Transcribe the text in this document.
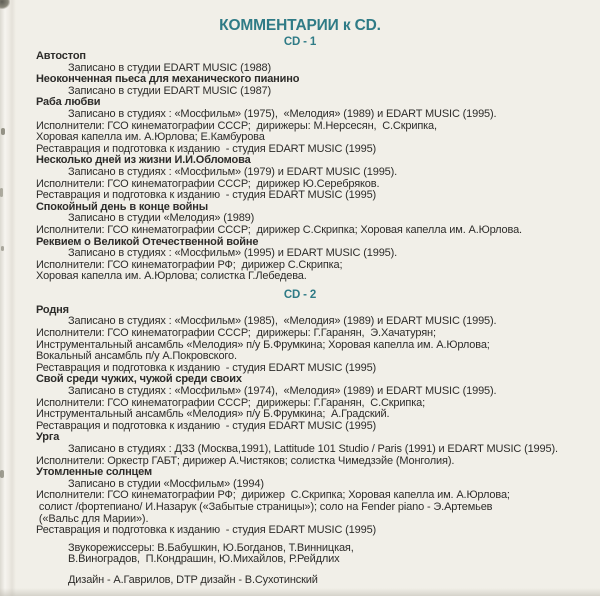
КОММЕНТАРИИ к CD.
CD - 1
Автостоп
Записано в студии EDART MUSIC (1988)
Неоконченная пьеса для механического пианино
Записано в студии EDART MUSIC (1987)
Раба любви
Записано в студиях : «Мосфильм» (1975),  «Мелодия» (1989) и EDART MUSIC (1995).
Исполнители: ГСО кинематографии СССР;  дирижеры: М.Нерсесян,  С.Скрипка,
Хоровая капелла им. А.Юрлова; Е.Камбурова
Реставрация и подготовка к изданию  - студия EDART MUSIC (1995)
Несколько дней из жизни И.И.Обломова
Записано в студиях : «Мосфильм» (1979) и EDART MUSIC (1995).
Исполнители: ГСО кинематографии СССР;  дирижер Ю.Серебряков.
Реставрация и подготовка к изданию  - студия EDART MUSIC (1995)
Спокойный день в конце войны
Записано в студии «Мелодия» (1989)
Исполнители: ГСО кинематографии СССР;  дирижер С.Скрипка; Хоровая капелла им. А.Юрлова.
Реквием о Великой Отечественной войне
Записано в студиях : «Мосфильм» (1995) и EDART MUSIC (1995).
Исполнители: ГСО кинематографии РФ;  дирижер С.Скрипка;
Хоровая капелла им. А.Юрлова; солистка Г.Лебедева.
CD - 2
Родня
Записано в студиях : «Мосфильм» (1985),  «Мелодия» (1989) и EDART MUSIC (1995).
Исполнители: ГСО кинематографии СССР;  дирижеры: Г.Гаранян,  Э.Хачатурян;
Инструментальный ансамбль «Мелодия» п/у Б.Фрумкина; Хоровая капелла им. А.Юрлова;
Вокальный ансамбль п/у А.Покровского.
Реставрация и подготовка к изданию  - студия EDART MUSIC (1995)
Свой среди чужих, чужой среди своих
Записано в студиях : «Мосфильм» (1974),  «Мелодия» (1989) и EDART MUSIC (1995).
Исполнители: ГСО кинематографии СССР;  дирижеры: Г.Гаранян,  С.Скрипка;
Инструментальный ансамбль «Мелодия» п/у Б.Фрумкина;  А.Градский.
Реставрация и подготовка к изданию  - студия EDART MUSIC (1995)
Урга
Записано в студиях : ДЗЗ (Москва,1991), Lattitude 101 Studio / Paris (1991) и EDART MUSIC (1995).
Исполнители: Оркестр ГАБТ; дирижер А.Чистяков; солистка Чимедзэйе (Монголия).
Утомленные солнцем
Записано в студии «Мосфильм» (1994)
Исполнители: ГСО кинематографии РФ;  дирижер  С.Скрипка; Хоровая капелла им. А.Юрлова;
солист /фортепиано/ И.Назарук («Забытые страницы»); соло на Fender piano - Э.Артемьев
(«Вальс для Марии»).
Реставрация и подготовка к изданию  - студия EDART MUSIC (1995)
Звукорежиссеры: В.Бабушкин, Ю.Богданов, Т.Винницкая,
В.Виноградов,  П.Кондрашин, Ю.Михайлов, Р.Рейдлих
Дизайн - А.Гаврилов, DTP дизайн - В.Сухотинский
